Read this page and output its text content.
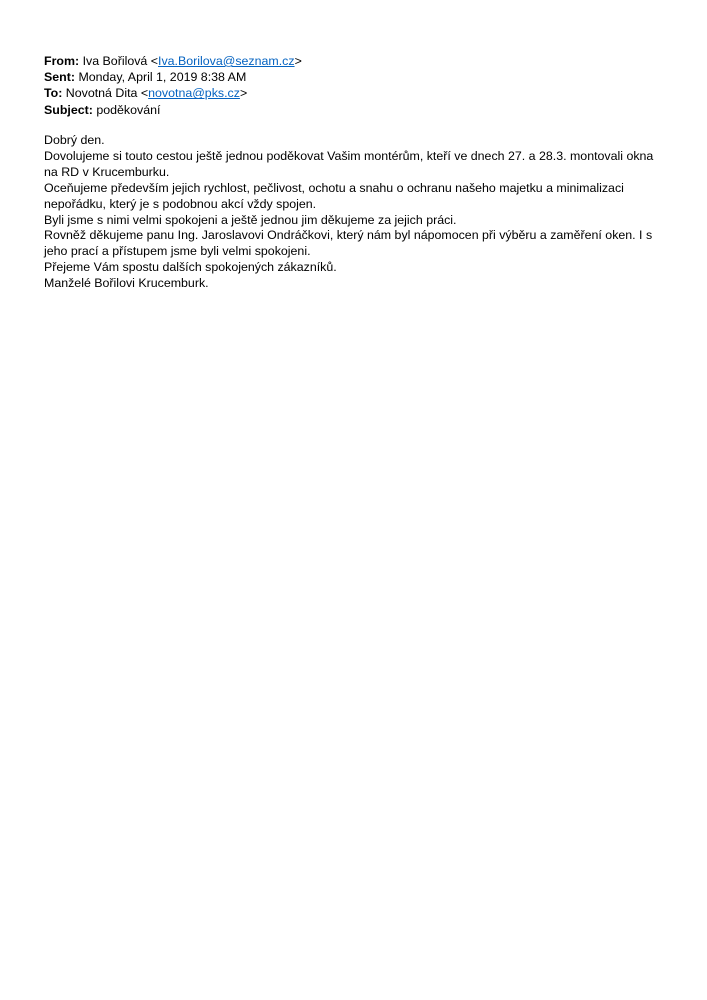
From: Iva Bořilová <Iva.Borilova@seznam.cz>
Sent: Monday, April 1, 2019 8:38 AM
To: Novotná Dita <novotna@pks.cz>
Subject: poděkování

Dobrý den.

Dovolujeme si touto cestou ještě jednou poděkovat Vašim montérům, kteří ve dnech 27. a 28.3. montovali okna na RD v Krucemburku.

Oceňujeme především jejich rychlost, pečlivost, ochotu a snahu o ochranu našeho majetku a minimalizaci nepořádku, který je s podobnou akcí vždy spojen.

Byli jsme s nimi velmi spokojeni a ještě jednou jim děkujeme za jejich práci.

Rovněž děkujeme panu Ing. Jaroslavovi Ondráčkovi, který nám byl nápomocen při výběru a zaměření oken. I s jeho prací a přístupem jsme byli velmi spokojeni.

Přejeme Vám spostu dalších spokojených zákazníků.

Manželé Bořilovi Krucemburk.
